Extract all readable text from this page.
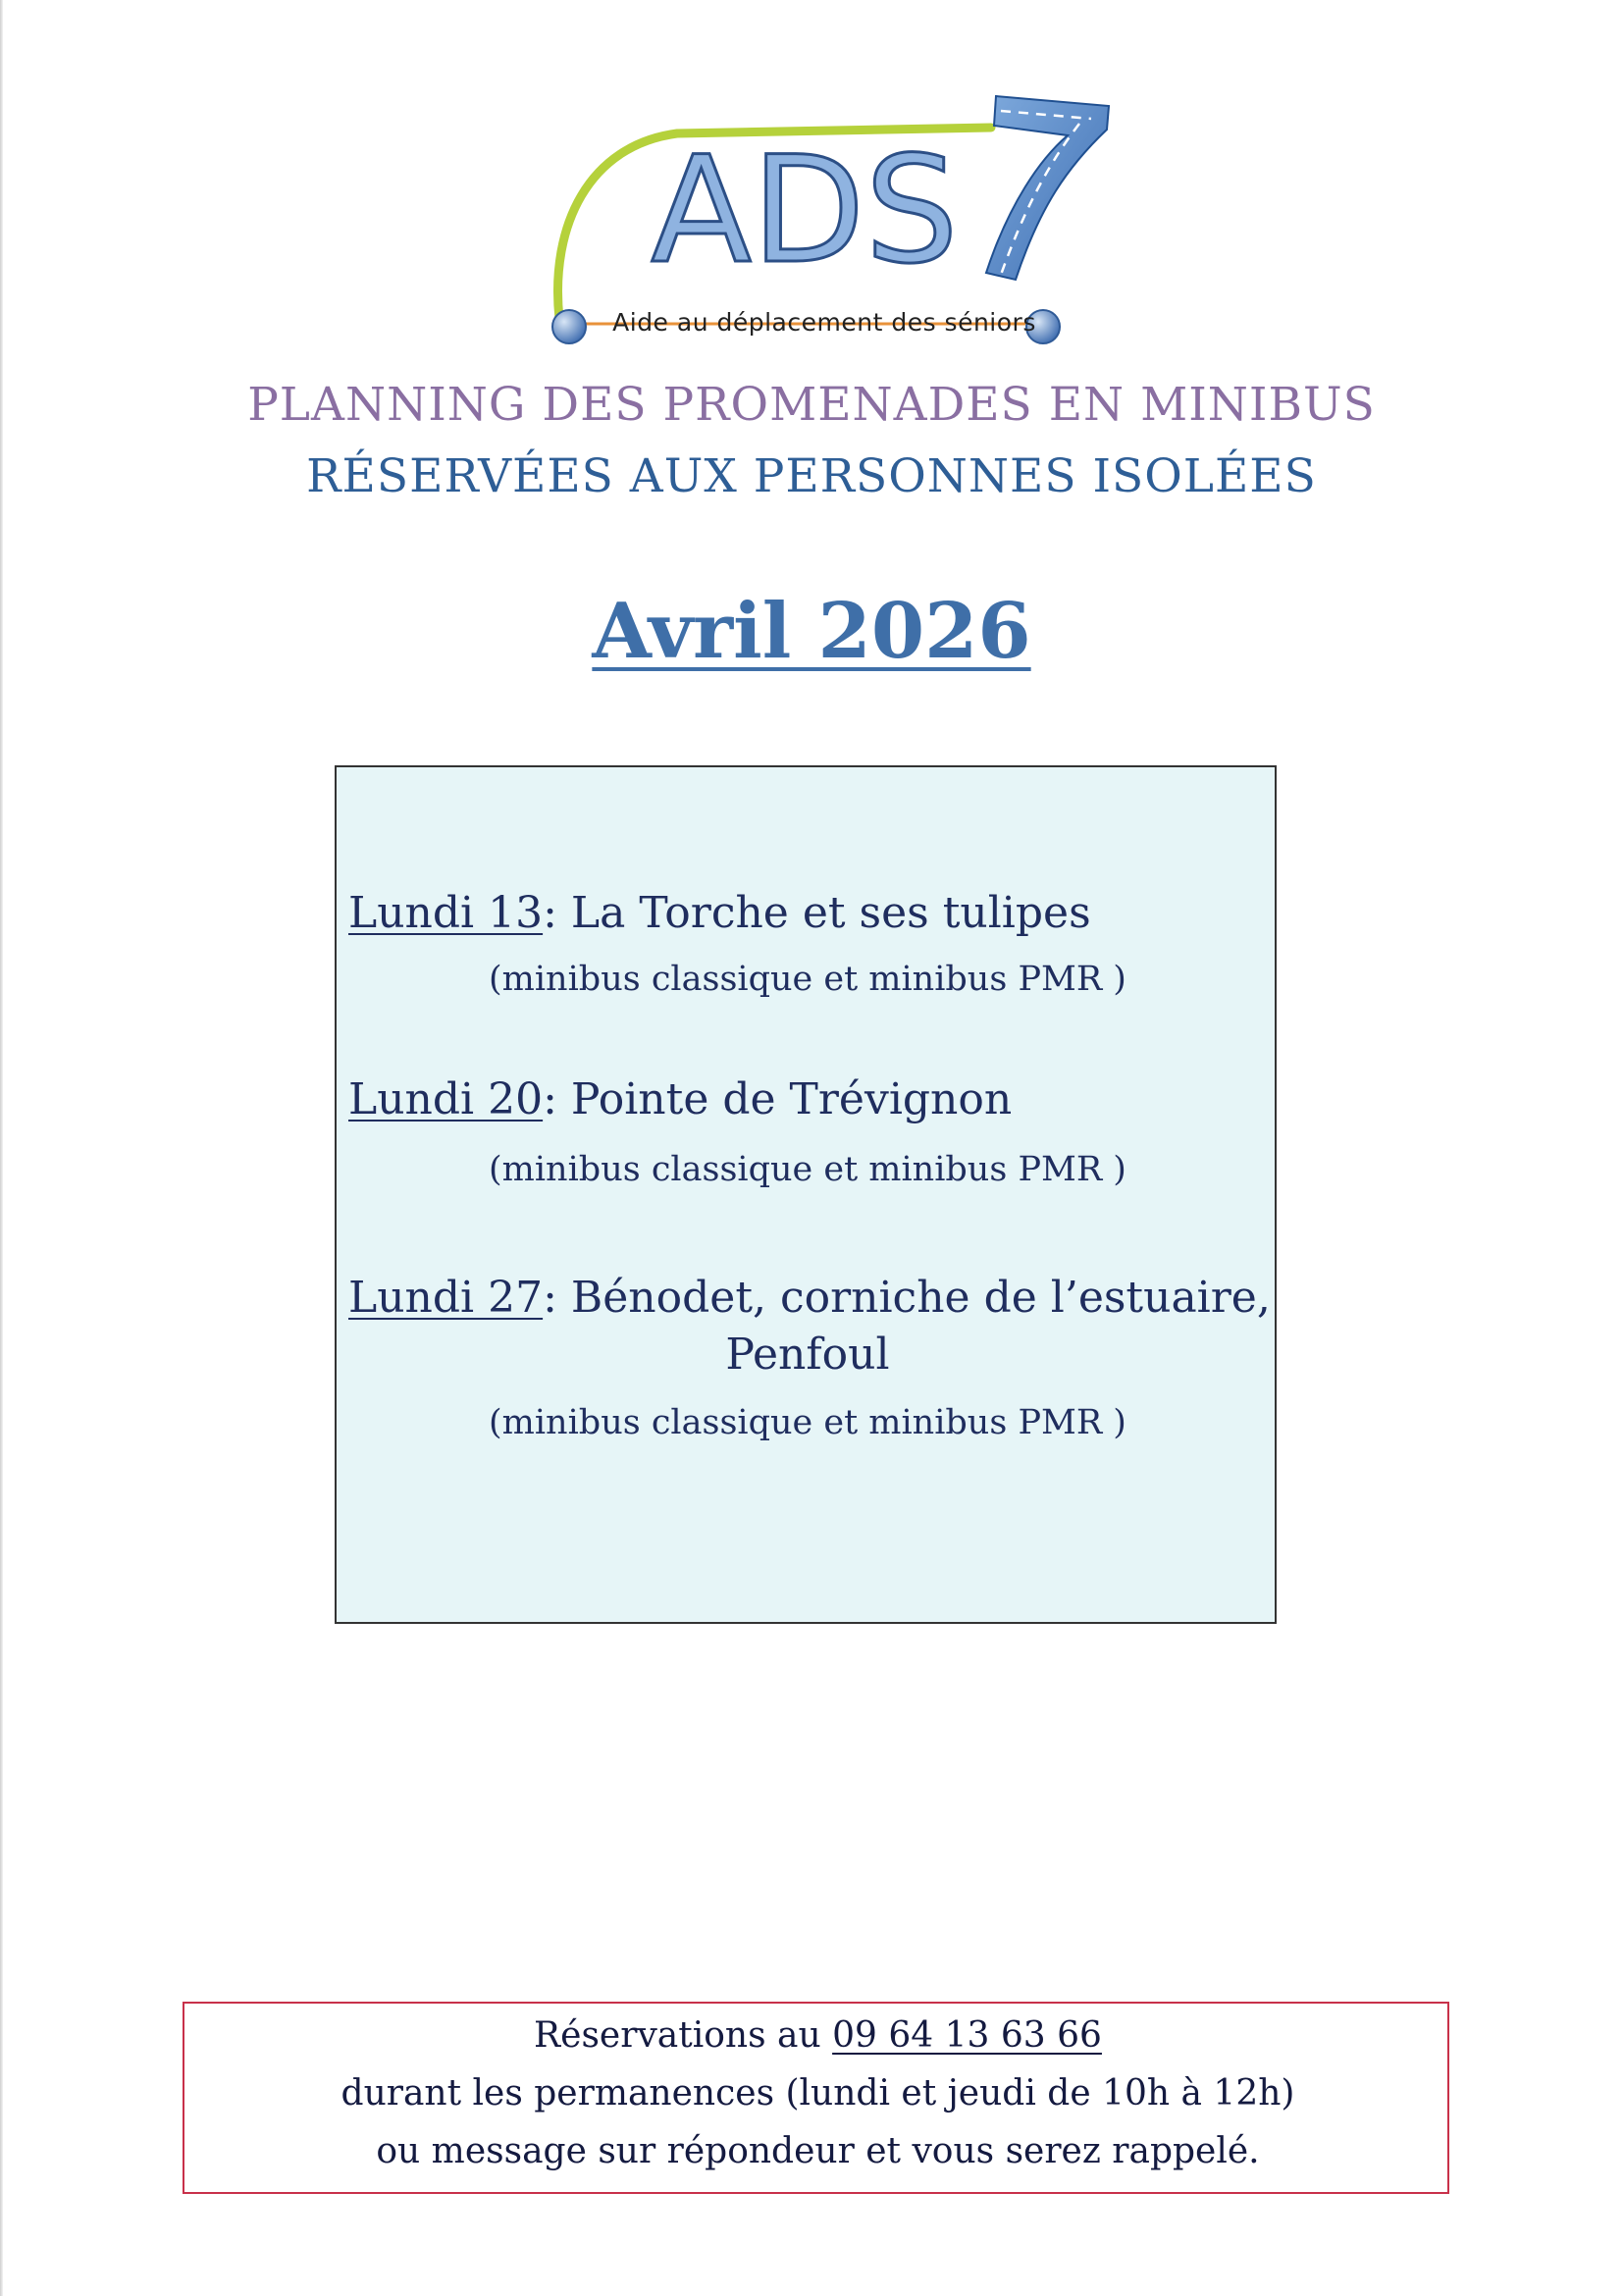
ADS
Aide au déplacement des séniors
PLANNING DES PROMENADES EN MINIBUS
RÉSERVÉES AUX PERSONNES ISOLÉES
Avril 2026
Lundi 13: La Torche et ses tulipes
(minibus classique et minibus PMR )
Lundi 20: Pointe de Trévignon
(minibus classique et minibus PMR )
Lundi 27: Bénodet, corniche de l’estuaire,
Penfoul
(minibus classique et minibus PMR )
Réservations au 09 64 13 63 66
durant les permanences (lundi et jeudi de 10h à 12h)
ou message sur répondeur et vous serez rappelé.
